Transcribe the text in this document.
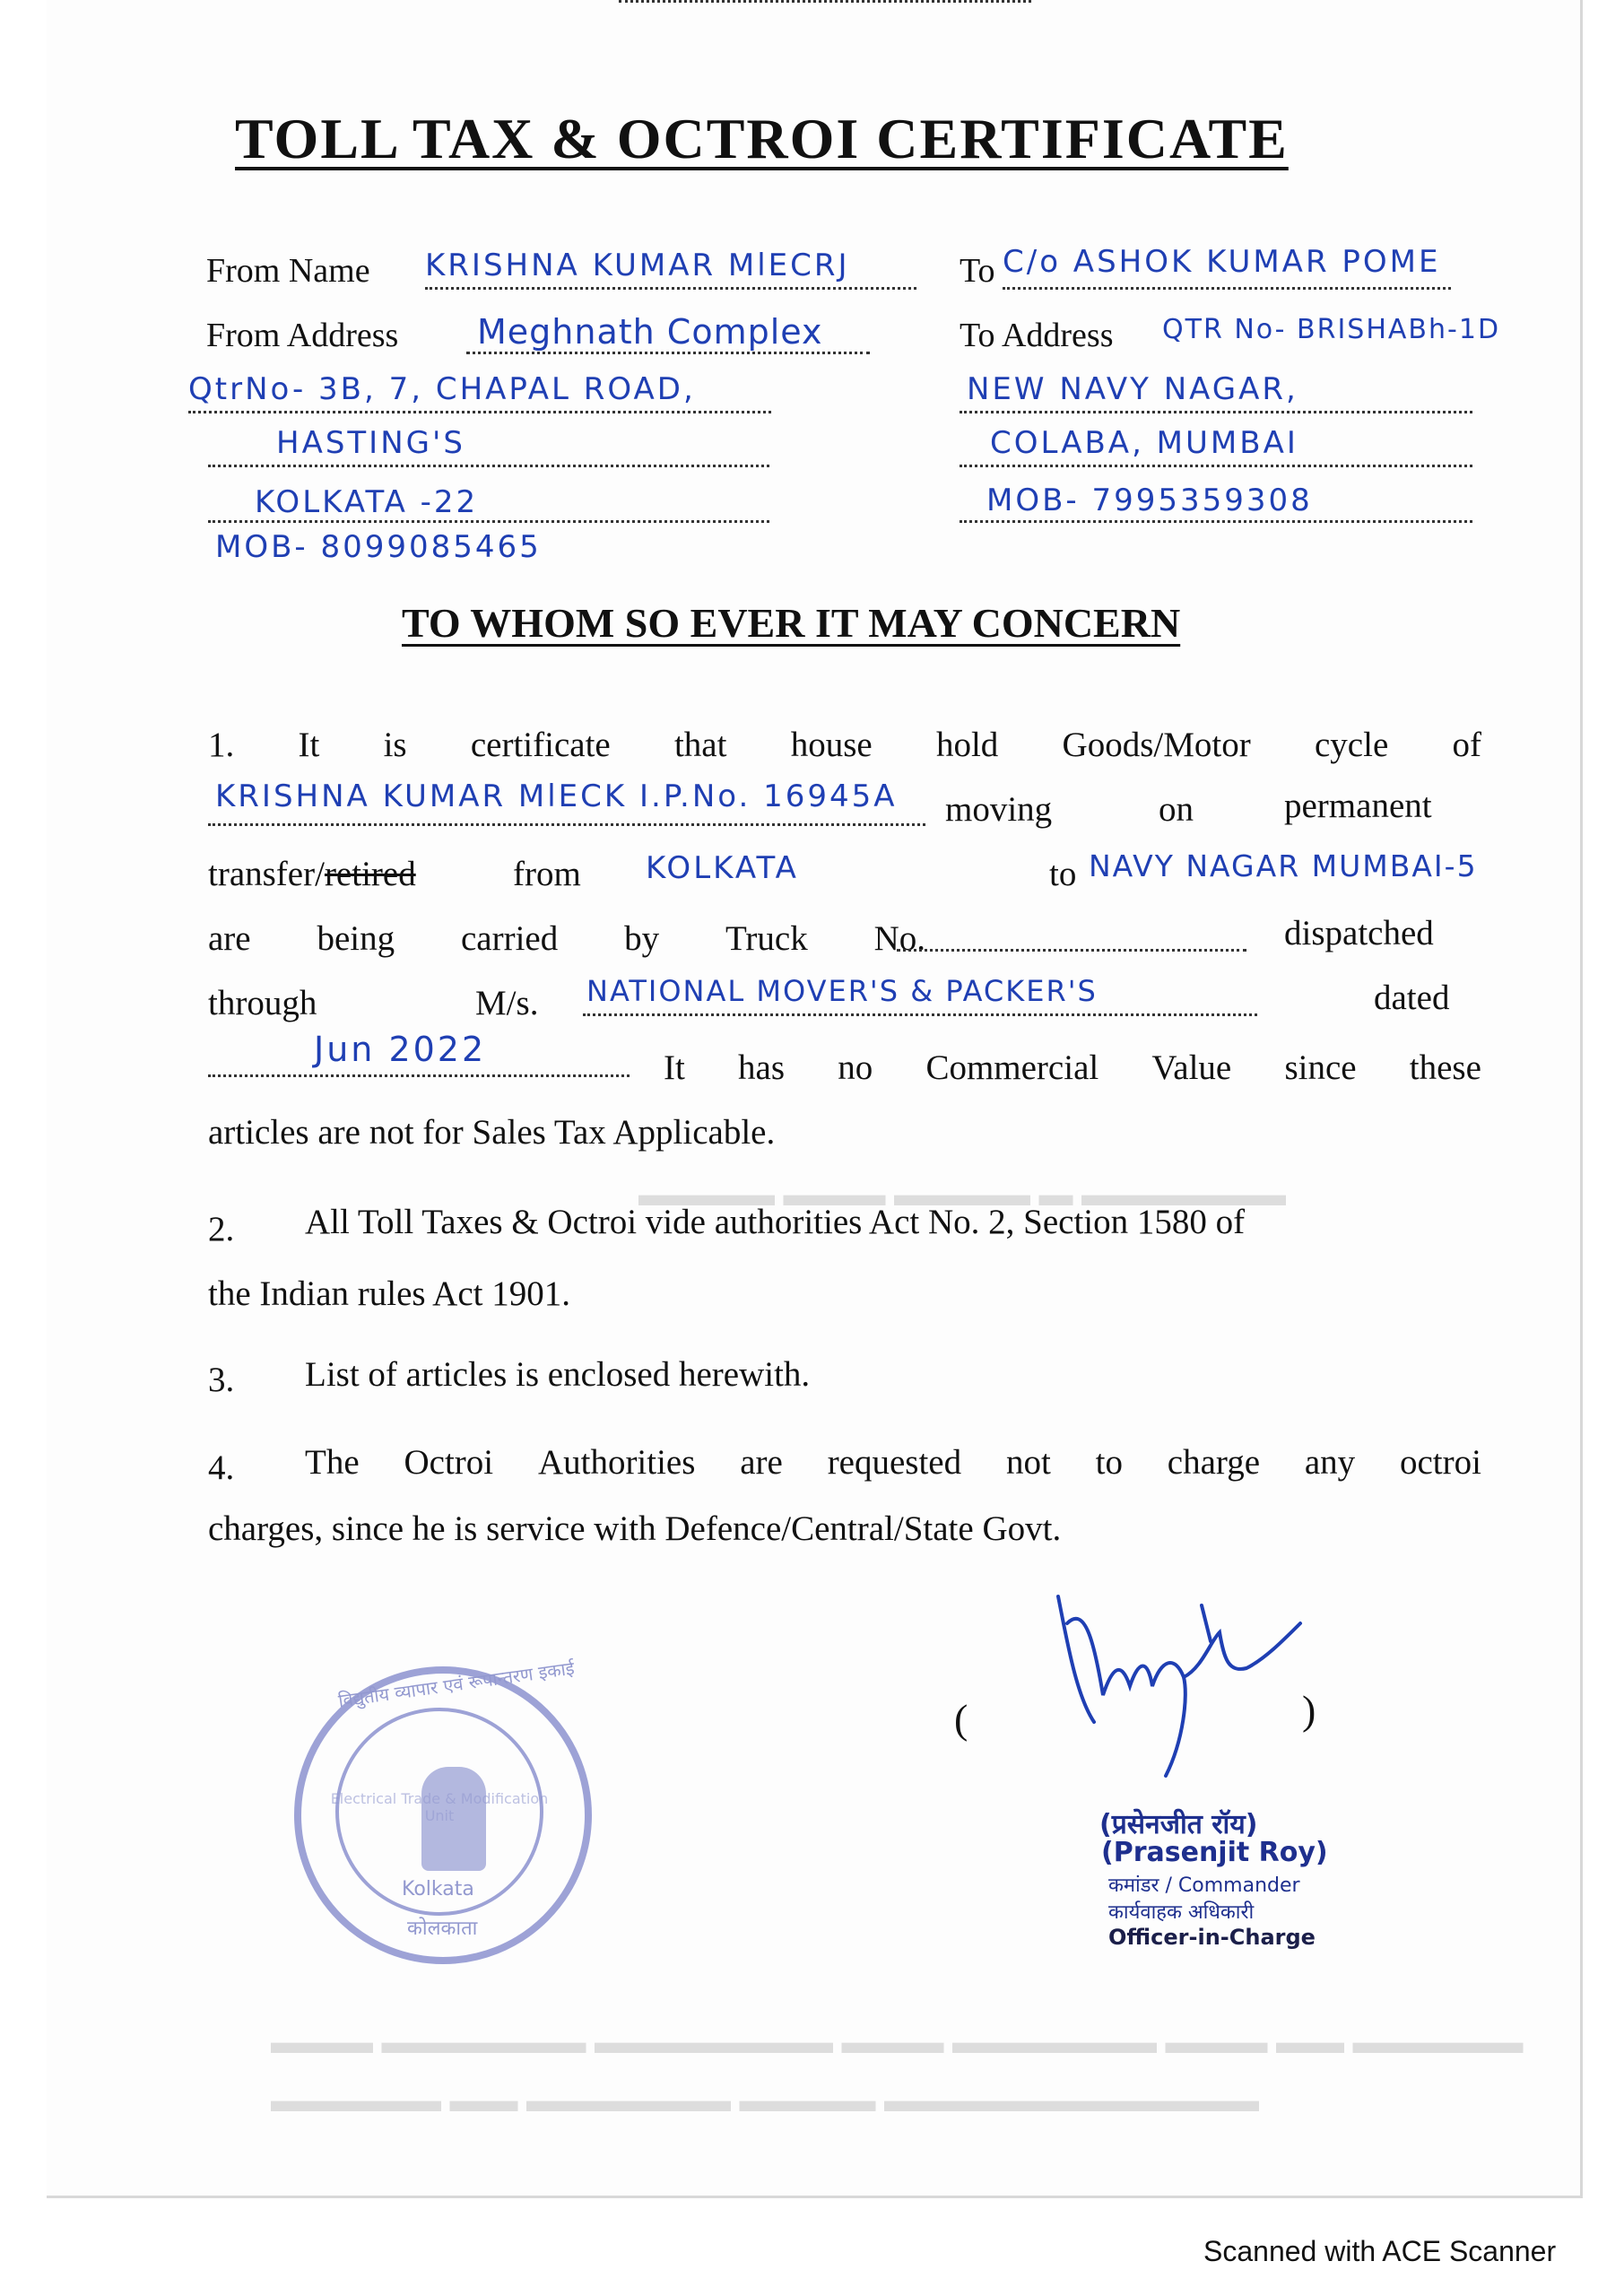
▬▬▬▬ ▬▬▬ ▬▬▬▬ ▬ ▬▬▬▬▬▬
▬▬▬ ▬▬▬▬▬▬ ▬▬▬▬▬▬▬ ▬▬▬ ▬▬▬▬▬▬ ▬▬▬ ▬▬ ▬▬▬▬▬
▬▬▬▬▬ ▬▬ ▬▬▬▬▬▬ ▬▬▬▬ ▬▬▬▬▬▬▬▬▬▬▬
TOLL TAX & OCTROI CERTIFICATE
From Name KRISHNA KUMAR MlECRJ
From Address Meghnath Complex
QtrNo- 3B, 7, CHAPAL ROAD,
HASTING'S
KOLKATA -22
MOB- 8099085465
To C/o ASHOK KUMAR POME
To Address QTR No- BRISHABh-1D
NEW NAVY NAGAR,
COLABA, MUMBAI
MOB- 7995359308
TO WHOM SO EVER IT MAY CONCERN
1. It is certificate that house hold Goods/Motor cycle of
KRISHNA KUMAR MlECK I.P.No. 16945A moving	on	permanent
transfer/retired	from KOLKATA	to NAVY NAGAR MUMBAI-5
are being carried by Truck No.	dispatched
through	M/s. NATIONAL MOVER'S & PACKER'S	dated
Jun 2022	It has no Commercial Value since these
articles are not for Sales Tax Applicable.
2. All Toll Taxes & Octroi vide authorities Act No. 2, Section 1580 of
the Indian rules Act 1901.
3. List of articles is enclosed herewith.
4. The Octroi Authorities are requested not to charge any octroi
charges, since he is service with Defence/Central/State Govt.
Kolkata
विद्युतीय व्यापार एवं रूपान्तरण इकाई
कोलकाता
Electrical Trade & Modification Unit
(	)
(प्रसेनजीत रॉय)
(Prasenjit Roy)
कमांडर / Commander
कार्यवाहक अधिकारी
Officer-in-Charge
Scanned with ACE Scanner
